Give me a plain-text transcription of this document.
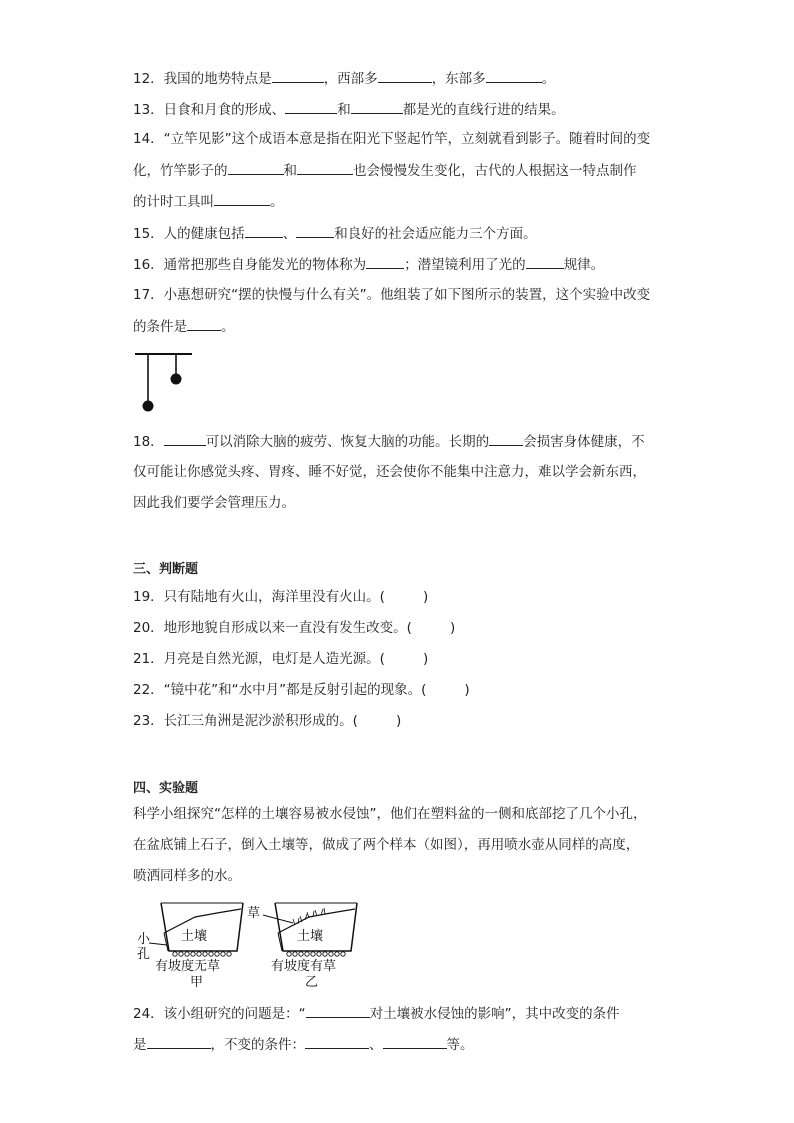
12．我国的地势特点是	，西部多	，东部多	。
13．日食和月食的形成、	和	都是光的直线行进的结果。
14．“立竿见影”这个成语本意是指在阳光下竖起竹竿，立刻就看到影子。随着时间的变
化，竹竿影子的	和	也会慢慢发生变化，古代的人根据这一特点制作
的计时工具叫	。
15．人的健康包括	、	和良好的社会适应能力三个方面。
16．通常把那些自身能发光的物体称为	；潜望镜利用了光的	规律。
17．小惠想研究“摆的快慢与什么有关”。他组装了如下图所示的装置，这个实验中改变
的条件是	。
18．	可以消除大脑的疲劳、恢复大脑的功能。长期的	会损害身体健康，不
仅可能让你感觉头疼、胃疼、睡不好觉，还会使你不能集中注意力，难以学会新东西，
因此我们要学会管理压力。
三、判断题
19．只有陆地有火山，海洋里没有火山。(	)
20．地形地貌自形成以来一直没有发生改变。(	)
21．月亮是自然光源，电灯是人造光源。(	)
22．“镜中花”和“水中月”都是反射引起的现象。(	)
23．长江三角洲是泥沙淤积形成的。(	)
四、实验题
科学小组探究“怎样的土壤容易被水侵蚀”，他们在塑料盆的一侧和底部挖了几个小孔，
在盆底铺上石子，倒入土壤等，做成了两个样本（如图），再用喷水壶从同样的高度，
喷洒同样多的水。
小
孔
土壤
有坡度无草
甲
草
土壤
有坡度有草
乙
24．该小组研究的问题是：“	对土壤被水侵蚀的影响”，其中改变的条件
是	，不变的条件：	、	等。
